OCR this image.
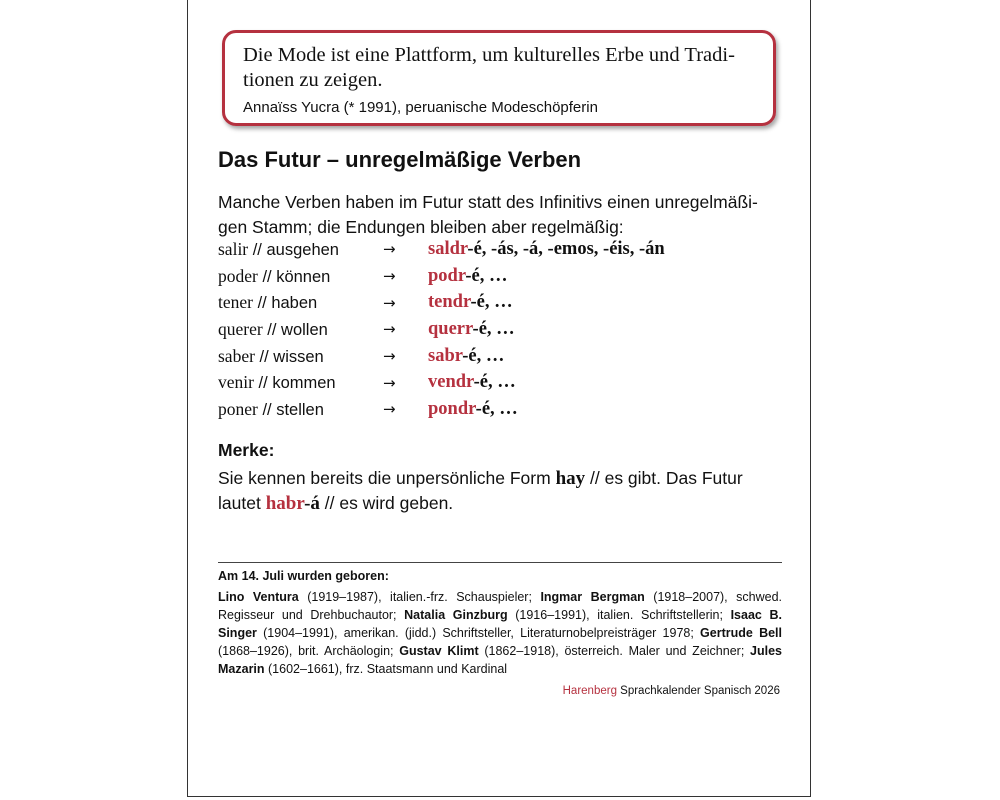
Die Mode ist eine Plattform, um kulturelles Erbe und Tradi-
tionen zu zeigen.

Annaïss Yucra (* 1991), peruanische Modeschöpferin
Das Futur – unregelmäßige Verben

Manche Verben haben im Futur statt des Infinitivs einen unregelmäßi-
gen Stamm; die Endungen bleiben aber regelmäßig:

salir // ausgehen	→	saldr-é, -ás, -á, -emos, -éis, -án
poder // können	→	podr-é, …
tener // haben	→	tendr-é, …
querer // wollen	→	querr-é, …
saber // wissen	→	sabr-é, …
venir // kommen	→	vendr-é, …
poner // stellen	→	pondr-é, …
Merke:
Sie kennen bereits die unpersönliche Form hay // es gibt. Das Futur
lautet habr-á // es wird geben.
Am 14. Juli wurden geboren:
Lino Ventura (1919–1987), italien.-frz. Schauspieler; Ingmar Bergman (1918–2007), schwed. Regisseur und Drehbuchautor; Natalia Ginzburg (1916–1991), italien. Schriftstellerin; Isaac B. Singer (1904–1991), amerikan. (jidd.) Schriftsteller, Literaturnobelpreisträger 1978; Gertrude Bell (1868–1926), brit. Archäologin; Gustav Klimt (1862–1918), österreich. Maler und Zeichner; Jules Mazarin (1602–1661), frz. Staatsmann und Kardinal
Harenberg Sprachkalender Spanisch 2026
